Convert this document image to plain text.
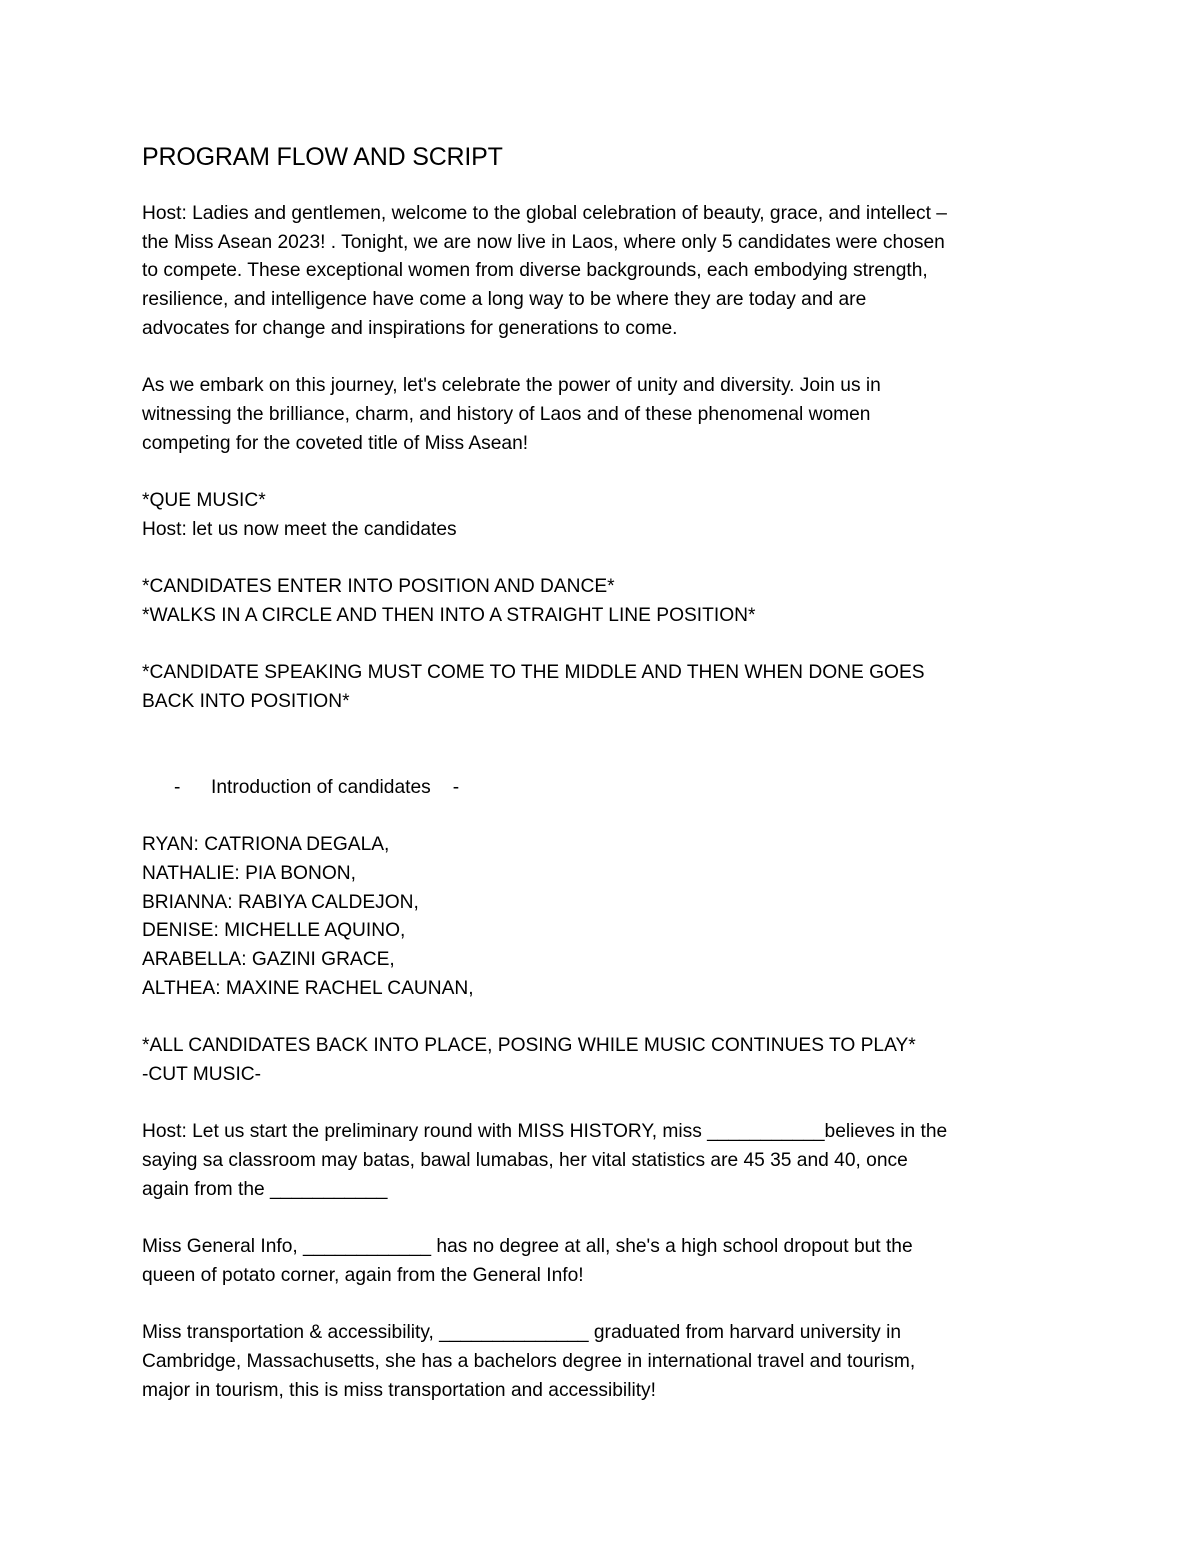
PROGRAM FLOW AND SCRIPT
Host: Ladies and gentlemen, welcome to the global celebration of beauty, grace, and intellect –
the Miss Asean 2023! . Tonight, we are now live in Laos, where only 5 candidates were chosen
to compete. These exceptional women from diverse backgrounds, each embodying strength,
resilience, and intelligence have come a long way to be where they are today and are
advocates for change and inspirations for generations to come.
As we embark on this journey, let's celebrate the power of unity and diversity. Join us in
witnessing the brilliance, charm, and history of Laos and of these phenomenal women
competing for the coveted title of Miss Asean!
*QUE MUSIC*
Host: let us now meet the candidates
*CANDIDATES ENTER INTO POSITION AND DANCE*
*WALKS IN A CIRCLE AND THEN INTO A STRAIGHT LINE POSITION*
*CANDIDATE SPEAKING MUST COME TO THE MIDDLE AND THEN WHEN DONE GOES
BACK INTO POSITION*
- Introduction of candidates -
RYAN: CATRIONA DEGALA,
NATHALIE: PIA BONON,
BRIANNA: RABIYA CALDEJON,
DENISE: MICHELLE AQUINO,
ARABELLA: GAZINI GRACE,
ALTHEA: MAXINE RACHEL CAUNAN,
*ALL CANDIDATES BACK INTO PLACE, POSING WHILE MUSIC CONTINUES TO PLAY*
-CUT MUSIC-
Host: Let us start the preliminary round with MISS HISTORY, miss ___________believes in the
saying sa classroom may batas, bawal lumabas, her vital statistics are 45 35 and 40, once
again from the ___________
Miss General Info, ____________ has no degree at all, she's a high school dropout but the
queen of potato corner, again from the General Info!
Miss transportation & accessibility, ______________ graduated from harvard university in
Cambridge, Massachusetts, she has a bachelors degree in international travel and tourism,
major in tourism, this is miss transportation and accessibility!
